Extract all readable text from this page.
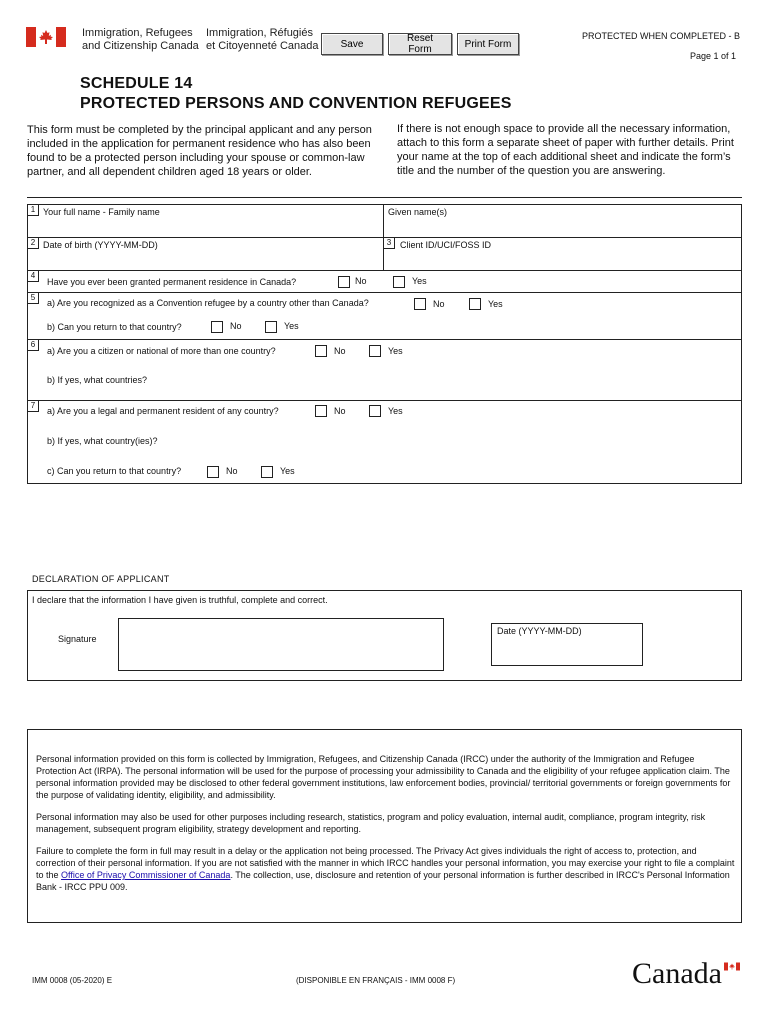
Immigration, Refugees
and Citizenship Canada
Immigration, Réfugiés
et Citoyenneté Canada	Save	Reset Form	Print Form
PROTECTED WHEN COMPLETED - B
Page 1 of 1
SCHEDULE 14
PROTECTED PERSONS AND CONVENTION REFUGEES
This form must be completed by the principal applicant and any person included in the application for permanent residence who has also been found to be a protected person including your spouse or common-law partner, and all dependent children aged 18 years or older.
If there is not enough space to provide all the necessary information, attach to this form a separate sheet of paper with further details. Print your name at the top of each additional sheet and indicate the form’s title and the number of the question you are answering.
1 Your full name - Family name	Given name(s)
2 Date of birth (YYYY-MM-DD)	3 Client ID/UCI/FOSS ID
4
Have you ever been granted permanent residence in Canada?	No	Yes
5
a) Are you recognized as a Convention refugee by a country other than Canada?	No	Yes
b) Can you return to that country?	No	Yes
6
a) Are you a citizen or national of more than one country?	No	Yes
b) If yes, what countries?
7
a) Are you a legal and permanent resident of any country?	No	Yes
b) If yes, what country(ies)?
c) Can you return to that country?	No	Yes
DECLARATION OF APPLICANT
I declare that the information I have given is truthful, complete and correct.
Signature
Date (YYYY-MM-DD)

Personal information provided on this form is collected by Immigration, Refugees, and Citizenship Canada (IRCC) under the authority of the Immigration and Refugee Protection Act (IRPA). The personal information will be used for the purpose of processing your admissibility to Canada and the eligibility of your refugee application claim. The personal information provided may be disclosed to other federal government institutions, law enforcement bodies, provincial/ territorial governments or foreign governments for the purpose of validating identity, eligibility, and admissibility.

Personal information may also be used for other purposes including research, statistics, program and policy evaluation, internal audit, compliance, program integrity, risk management, subsequent program eligibility, strategy development and reporting.

Failure to complete the form in full may result in a delay or the application not being processed. The Privacy Act gives individuals the right of access to, protection, and correction of their personal information. If you are not satisfied with the manner in which IRCC handles your personal information, you may exercise your right to file a complaint to the Office of Privacy Commissioner of Canada. The collection, use, disclosure and retention of your personal information is further described in IRCC's Personal Information Bank - IRCC PPU 009.

IMM 0008 (05-2020) E	(DISPONIBLE EN FRANÇAIS - IMM 0008 F)	Canada
